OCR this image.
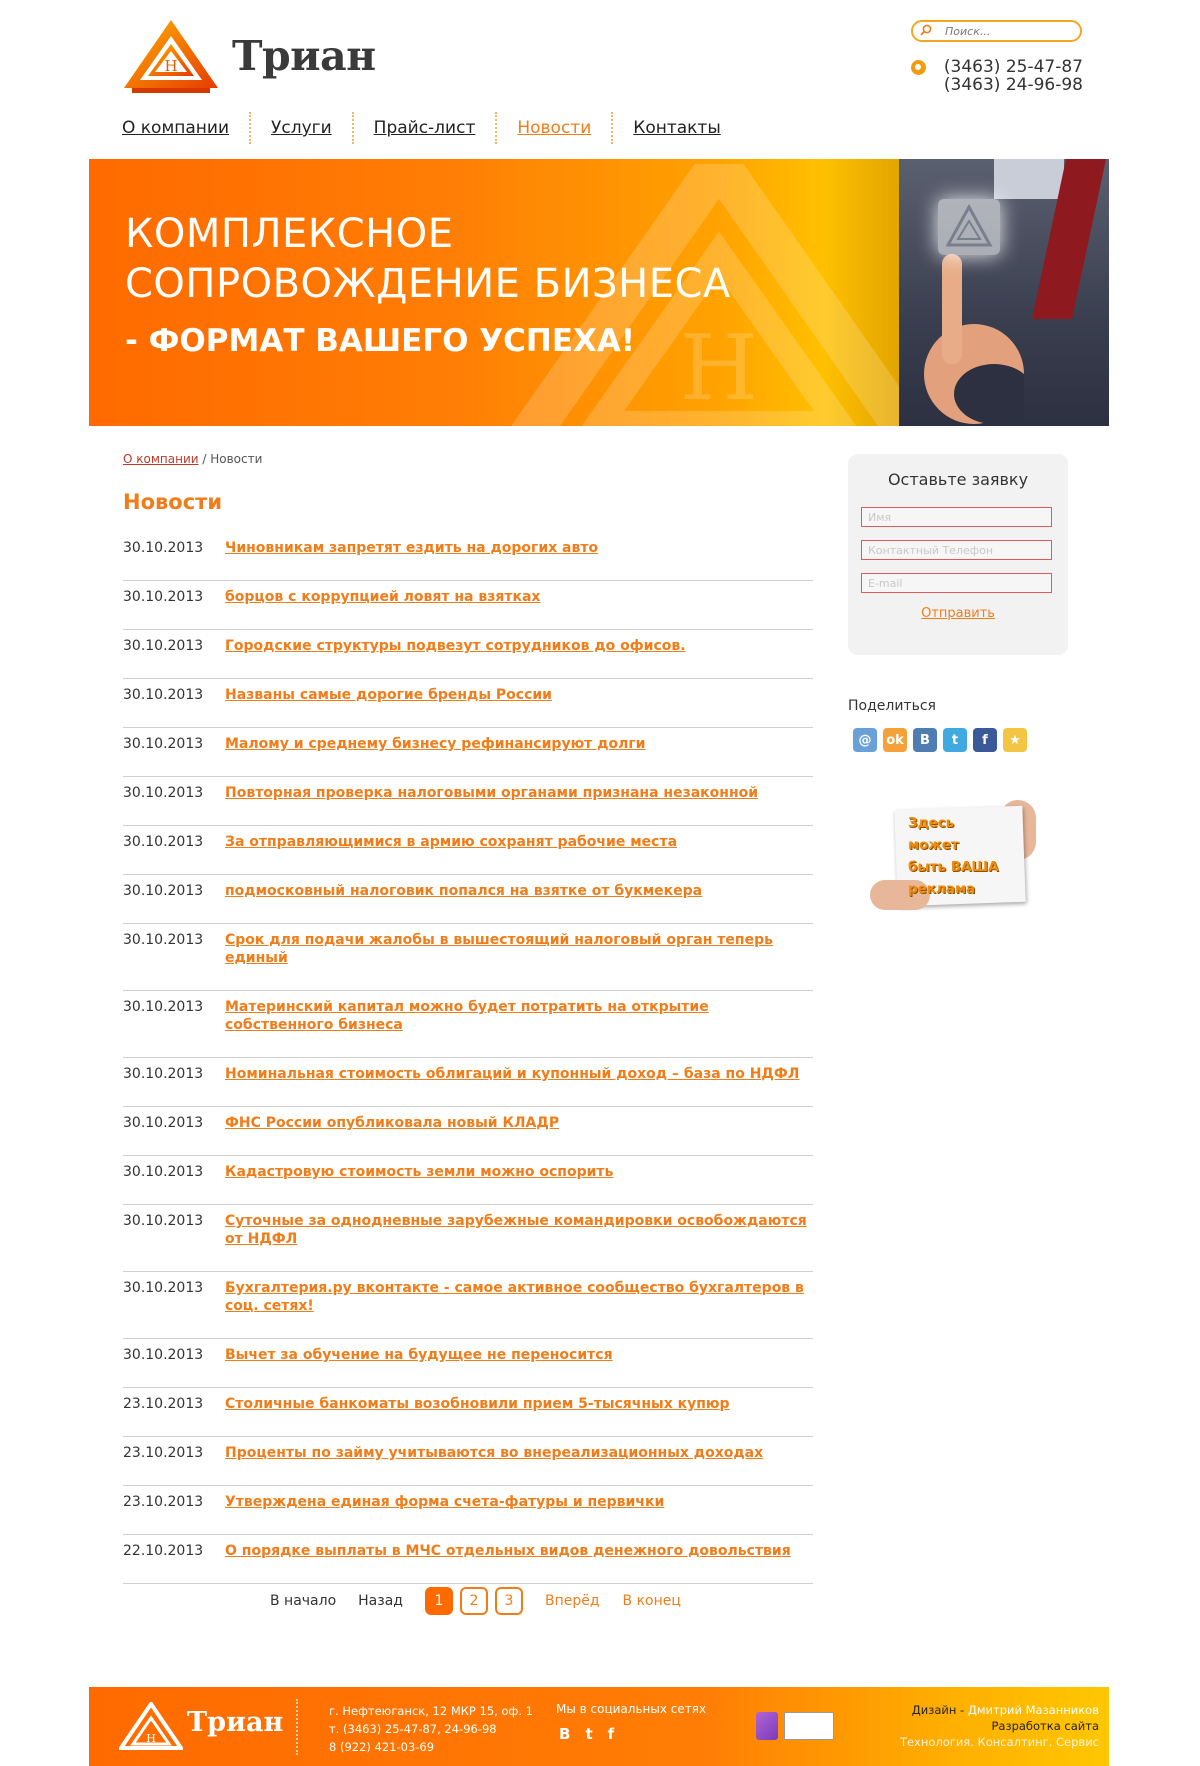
H Триан
Поиск...	(3463) 25-47-87
(3463) 24-96-98
О компании Услуги Прайс-лист Новости Контакты
H
КОМПЛЕКСНОЕ
СОПРОВОЖДЕНИЕ БИЗНЕСА
- ФОРМАТ ВАШЕГО УСПЕХА!
О компании / Новости
Новости
30.10.2013	Чиновникам запретят ездить на дорогих авто
30.10.2013	борцов с коррупцией ловят на взятках
30.10.2013	Городские структуры подвезут сотрудников до офисов.
30.10.2013	Названы самые дорогие бренды России
30.10.2013	Малому и среднему бизнесу рефинансируют долги
30.10.2013	Повторная проверка налоговыми органами признана незаконной
30.10.2013	За отправляющимися в армию сохранят рабочие места
30.10.2013	подмосковный налоговик попался на взятке от букмекера
30.10.2013	Срок для подачи жалобы в вышестоящий налоговый орган теперь единый
30.10.2013	Материнский капитал можно будет потратить на открытие собственного бизнеса
30.10.2013	Номинальная стоимость облигаций и купонный доход – база по НДФЛ
30.10.2013	ФНС России опубликовала новый КЛАДР
30.10.2013	Кадастровую стоимость земли можно оспорить
30.10.2013	Суточные за однодневные зарубежные командировки освобождаются от НДФЛ
30.10.2013	Бухгалтерия.ру вконтакте - самое активное сообщество бухгалтеров в соц. сетях!
30.10.2013	Вычет за обучение на будущее не переносится
23.10.2013	Столичные банкоматы возобновили прием 5-тысячных купюр
23.10.2013	Проценты по займу учитываются во внереализационных доходах
23.10.2013	Утверждена единая форма счета-фатуры и первички
22.10.2013	О порядке выплаты в МЧС отдельных видов денежного довольствия
В начало Назад	1	2	3	Вперёд В конец
Оставьте заявку
Имя
Контактный Телефон
E-mail
Отправить
Поделиться
@	ok	B	t	f	★
Здесь
может
быть ВАША
реклама
H
Триан	г. Нефтеюганск, 12 МКР 15, оф. 1
т. (3463) 25-47-87, 24-96-98
8 (922) 421-03-69
Мы в социальных сетях
B t f
Дизайн - Дмитрий Мазанников
Разработка сайта
Технология. Консалтинг. Сервис
